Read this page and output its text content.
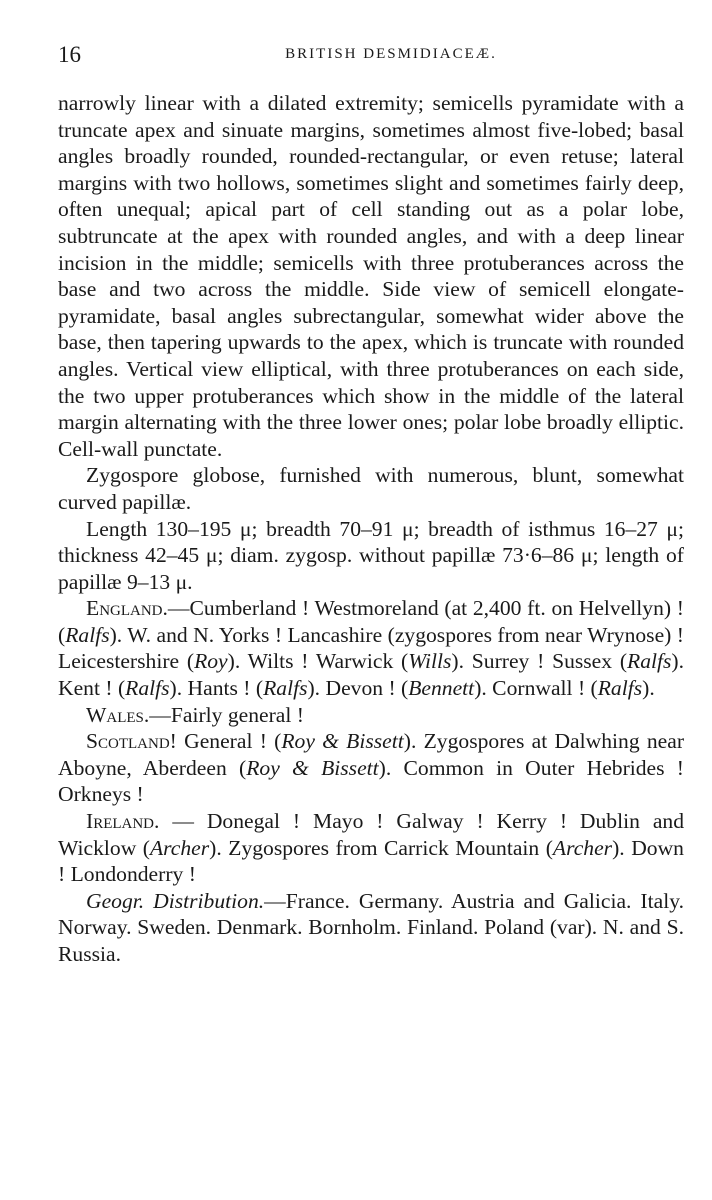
16	BRITISH DESMIDIACEÆ.

narrowly linear with a dilated extremity; semicells pyramidate with a truncate apex and sinuate margins, sometimes almost five-lobed; basal angles broadly rounded, rounded-rectangular, or even retuse; lateral margins with two hollows, sometimes slight and sometimes fairly deep, often unequal; apical part of cell standing out as a polar lobe, subtruncate at the apex with rounded angles, and with a deep linear incision in the middle; semicells with three protuberances across the base and two across the middle. Side view of semicell elongate-pyramidate, basal angles subrectangular, somewhat wider above the base, then tapering upwards to the apex, which is truncate with rounded angles. Vertical view elliptical, with three protuberances on each side, the two upper protuberances which show in the middle of the lateral margin alternating with the three lower ones; polar lobe broadly elliptic. Cell-wall punctate.

Zygospore globose, furnished with numerous, blunt, somewhat curved papillæ.

Length 130–195 μ; breadth 70–91 μ; breadth of isthmus 16–27 μ; thickness 42–45 μ; diam. zygosp. without papillæ 73·6–86 μ; length of papillæ 9–13 μ.

England.—Cumberland ! Westmoreland (at 2,400 ft. on Helvellyn) ! (Ralfs). W. and N. Yorks ! Lancashire (zygospores from near Wrynose) ! Leicestershire (Roy). Wilts ! Warwick (Wills). Surrey ! Sussex (Ralfs). Kent ! (Ralfs). Hants ! (Ralfs). Devon ! (Bennett). Cornwall ! (Ralfs).

Wales.—Fairly general !

Scotland! General ! (Roy & Bissett). Zygospores at Dalwhing near Aboyne, Aberdeen (Roy & Bissett). Common in Outer Hebrides ! Orkneys !

Ireland. — Donegal ! Mayo ! Galway ! Kerry ! Dublin and Wicklow (Archer). Zygospores from Carrick Mountain (Archer). Down ! Londonderry !

Geogr. Distribution.—France. Germany. Austria and Galicia. Italy. Norway. Sweden. Denmark. Bornholm. Finland. Poland (var). N. and S. Russia.
